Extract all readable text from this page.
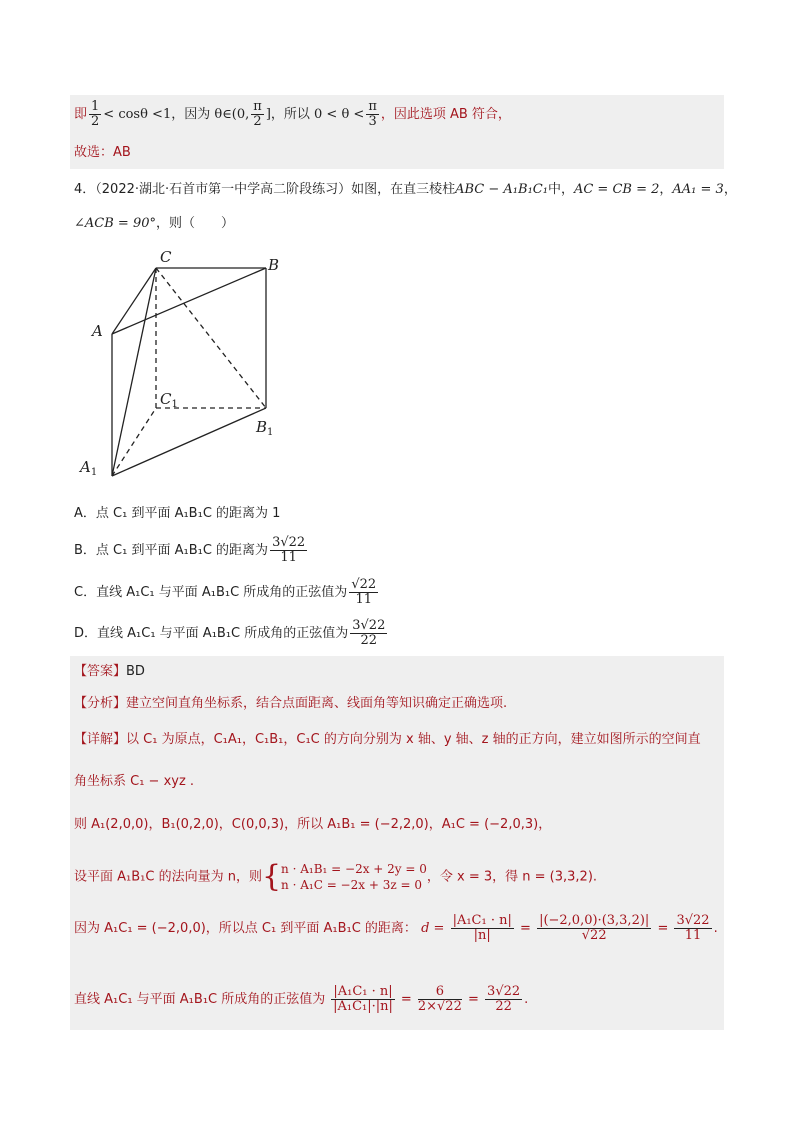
即 $\frac{1}{2} < \cos\theta <1$，因为 θ∈(0, $\frac{\pi}{2}$ ]，所以 $0 < \theta < \frac{\pi}{3}$ ，因此选项 AB 符合，
故选：AB
4．（2022·湖北·石首市第一中学高二阶段练习）如图，在直三棱柱ABC − A₁B₁C₁中，AC = CB = 2，AA₁ = 3，
∠ACB = 90°，则（　　）
C	B
A
$C_1$
$B_1$
$A_1$
A．点 C₁ 到平面 A₁B₁C 的距离为 1
B．点 C₁ 到平面 A₁B₁C 的距离为 $\frac{3√22}{11}$
C．直线 A₁C₁ 与平面 A₁B₁C 所成角的正弦值为 $\frac{√22}{11}$
D．直线 A₁C₁ 与平面 A₁B₁C 所成角的正弦值为 $\frac{3√22}{22}$
【答案】BD
【分析】建立空间直角坐标系，结合点面距离、线面角等知识确定正确选项.
【详解】以 C₁ 为原点，C₁A₁，C₁B₁，C₁C 的方向分别为 x 轴、y 轴、z 轴的正方向，建立如图所示的空间直
角坐标系 C₁ − xyz .
则 A₁(2,0,0)，B₁(0,2,0)，C(0,0,3)，所以 A₁B₁ = (−2,2,0)，A₁C = (−2,0,3)，
设平面 A₁B₁C 的法向量为 n，则{ n · A₁B₁ = −2x + 2y = 0
n · A₁C = −2x + 3z = 0
，令 x = 3，得 n = (3,3,2).
因为 A₁C₁ = (−2,0,0)，所以点 C₁ 到平面 A₁B₁C 的距离： $d = \frac{\text{|A₁C₁ · n|}}{|n|} = \frac{|(-2,0,0)\cdot(3,3,2)|}{√22} = \frac{3√22}{11}$ .
直线 A₁C₁ 与平面 A₁B₁C 所成角的正弦值为 $\frac{\text{|A₁C₁ · n|}}{\text{|A₁C₁|·|n|}} = \frac{6}{2\times√22} = \frac{3√22}{22}$ .
